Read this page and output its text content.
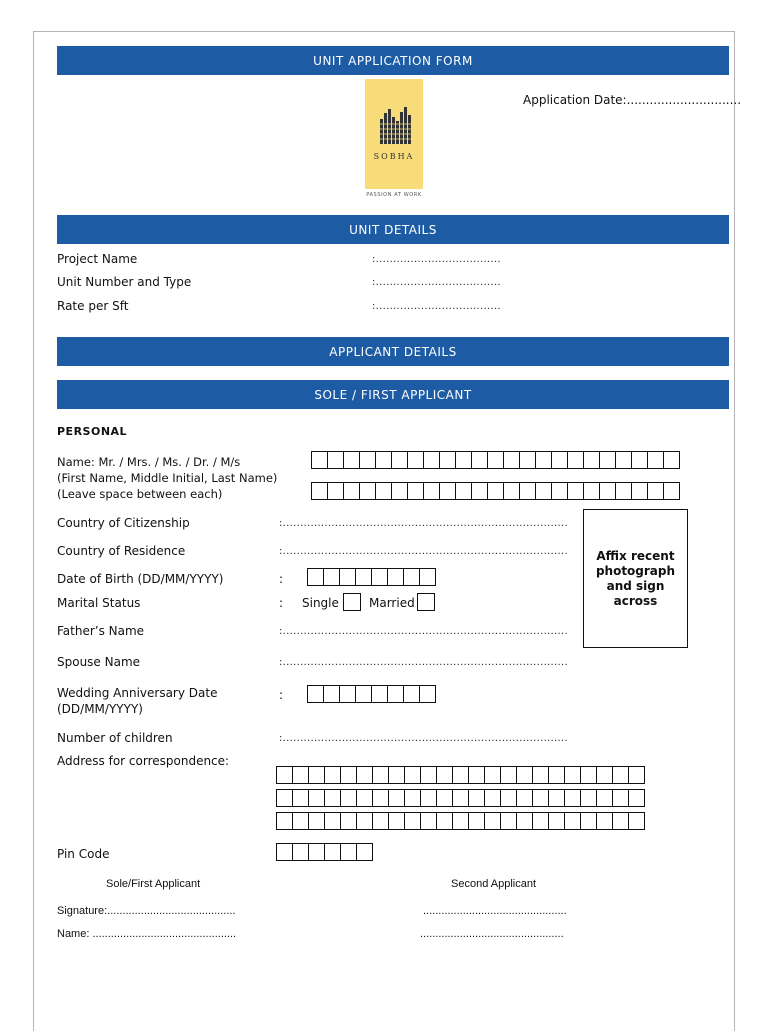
UNIT APPLICATION FORM
Application Date:..............................
SOBHA
PASSION AT WORK
UNIT DETAILS
Project Name	:....................................
Unit Number and Type	:....................................
Rate per Sft	:....................................
APPLICANT DETAILS
SOLE / FIRST APPLICANT
PERSONAL
Name: Mr. / Mrs. / Ms. / Dr. / M/s
(First Name, Middle Initial, Last Name)
(Leave space between each)
Country of Citizenship	:..................................................................................
Country of Residence	:..................................................................................
Date of Birth (DD/MM/YYYY)	:
Marital Status	: Single	Married
Father’s Name	:..................................................................................
Spouse Name	:..................................................................................
Wedding Anniversary Date
(DD/MM/YYYY)
:
Number of children	:..................................................................................
Address for correspondence:
Pin Code
Affix recent
photograph
and sign
across
Sole/First Applicant	Second Applicant
Signature:..........................................	...............................................
Name: ...............................................	...............................................
